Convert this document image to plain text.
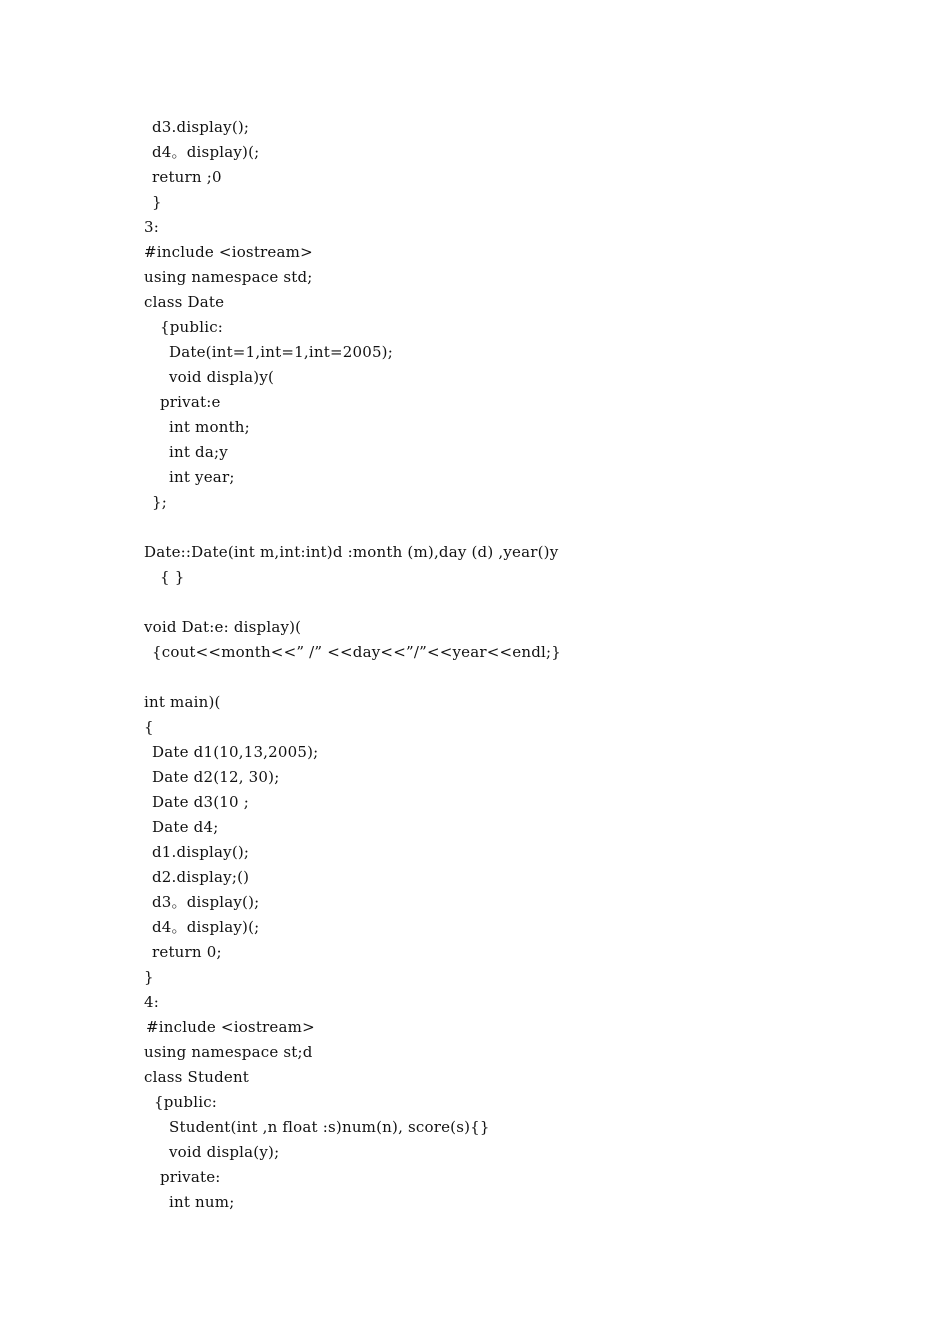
d3.display();
d4。display)(;
return ;0
}
3:
#include <iostream>
using namespace std;
class Date
{public:
Date(int=1,int=1,int=2005);
void displa)y(
privat:e
int month;
int da;y
int year;
};
Date::Date(int m,int:int)d :month (m),day (d) ,year()y
{ }
void Dat:e: display)(
{cout<<month<<” /” <<day<<”/”<<year<<endl;}
int main)(
{
Date d1(10,13,2005);
Date d2(12, 30);
Date d3(10 ;
Date d4;
d1.display();
d2.display;()
d3。display();
d4。display)(;
return 0;
}
4:
#include <iostream>
using namespace st;d
class Student
{public:
Student(int ,n float :s)num(n), score(s){}
void displa(y);
private:
int num;
